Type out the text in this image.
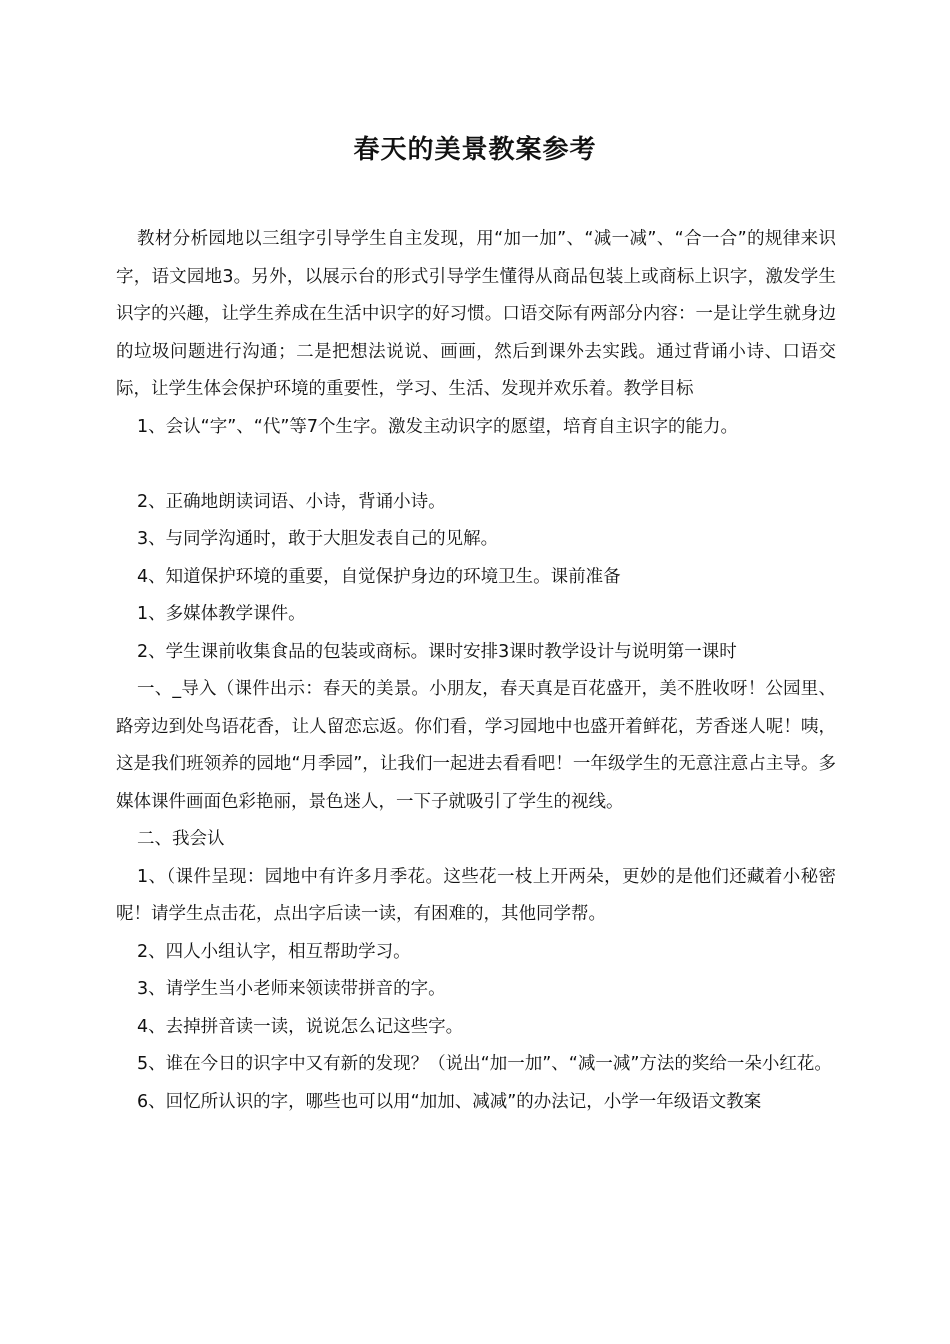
春天的美景教案参考

教材分析园地以三组字引导学生自主发现，用“加一加”、“减一减”、“合一合”的规律来识字，语文园地3。另外，以展示台的形式引导学生懂得从商品包装上或商标上识字，激发学生识字的兴趣，让学生养成在生活中识字的好习惯。口语交际有两部分内容：一是让学生就身边的垃圾问题进行沟通；二是把想法说说、画画，然后到课外去实践。通过背诵小诗、口语交际，让学生体会保护环境的重要性，学习、生活、发现并欢乐着。教学目标

1、会认“字”、“代”等7个生字。激发主动识字的愿望，培育自主识字的能力。

2、正确地朗读词语、小诗，背诵小诗。

3、与同学沟通时，敢于大胆发表自己的见解。

4、知道保护环境的重要，自觉保护身边的环境卫生。课前准备

1、多媒体教学课件。

2、学生课前收集食品的包装或商标。课时安排3课时教学设计与说明第一课时

一、_导入（课件出示：春天的美景。小朋友，春天真是百花盛开，美不胜收呀！公园里、路旁边到处鸟语花香，让人留恋忘返。你们看，学习园地中也盛开着鲜花，芳香迷人呢！咦，这是我们班领养的园地“月季园”，让我们一起进去看看吧！一年级学生的无意注意占主导。多媒体课件画面色彩艳丽，景色迷人，一下子就吸引了学生的视线。

二、我会认

1、（课件呈现：园地中有许多月季花。这些花一枝上开两朵，更妙的是他们还藏着小秘密呢！请学生点击花，点出字后读一读，有困难的，其他同学帮。

2、四人小组认字，相互帮助学习。

3、请学生当小老师来领读带拼音的字。

4、去掉拼音读一读，说说怎么记这些字。

5、谁在今日的识字中又有新的发现？（说出“加一加”、“减一减”方法的奖给一朵小红花。

6、回忆所认识的字，哪些也可以用“加加、减减”的办法记，小学一年级语文教案
